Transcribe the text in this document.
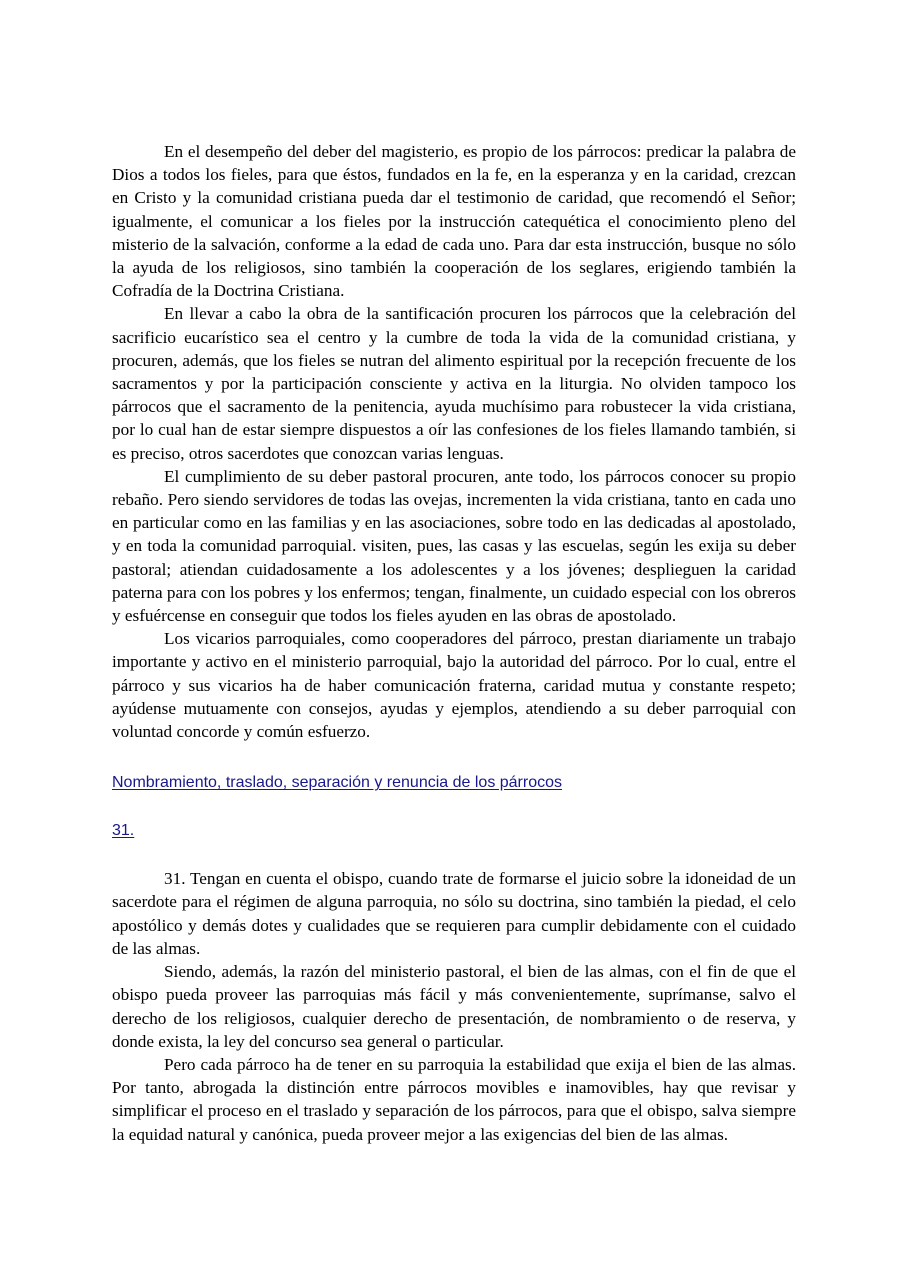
En el desempeño del deber del magisterio, es propio de los párrocos: predicar la palabra de Dios a todos los fieles, para que éstos, fundados en la fe, en la esperanza y en la caridad, crezcan en Cristo y la comunidad cristiana pueda dar el testimonio de caridad, que recomendó el Señor; igualmente, el comunicar a los fieles por la instrucción catequética el conocimiento pleno del misterio de la salvación, conforme a la edad de cada uno. Para dar esta instrucción, busque no sólo la ayuda de los religiosos, sino también la cooperación de los seglares, erigiendo también la Cofradía de la Doctrina Cristiana.

En llevar a cabo la obra de la santificación procuren los párrocos que la celebración del sacrificio eucarístico sea el centro y la cumbre de toda la vida de la comunidad cristiana, y procuren, además, que los fieles se nutran del alimento espiritual por la recepción frecuente de los sacramentos y por la participación consciente y activa en la liturgia. No olviden tampoco los párrocos que el sacramento de la penitencia, ayuda muchísimo para robustecer la vida cristiana, por lo cual han de estar siempre dispuestos a oír las confesiones de los fieles llamando también, si es preciso, otros sacerdotes que conozcan varias lenguas.

El cumplimiento de su deber pastoral procuren, ante todo, los párrocos conocer su propio rebaño. Pero siendo servidores de todas las ovejas, incrementen la vida cristiana, tanto en cada uno en particular como en las familias y en las asociaciones, sobre todo en las dedicadas al apostolado, y en toda la comunidad parroquial. visiten, pues, las casas y las escuelas, según les exija su deber pastoral; atiendan cuidadosamente a los adolescentes y a los jóvenes; desplieguen la caridad paterna para con los pobres y los enfermos; tengan, finalmente, un cuidado especial con los obreros y esfuércense en conseguir que todos los fieles ayuden en las obras de apostolado.

Los vicarios parroquiales, como cooperadores del párroco, prestan diariamente un trabajo importante y activo en el ministerio parroquial, bajo la autoridad del párroco. Por lo cual, entre el párroco y sus vicarios ha de haber comunicación fraterna, caridad mutua y constante respeto; ayúdense mutuamente con consejos, ayudas y ejemplos, atendiendo a su deber parroquial con voluntad concorde y común esfuerzo.

Nombramiento, traslado, separación y renuncia de los párrocos
31.

31. Tengan en cuenta el obispo, cuando trate de formarse el juicio sobre la idoneidad de un sacerdote para el régimen de alguna parroquia, no sólo su doctrina, sino también la piedad, el celo apostólico y demás dotes y cualidades que se requieren para cumplir debidamente con el cuidado de las almas.

Siendo, además, la razón del ministerio pastoral, el bien de las almas, con el fin de que el obispo pueda proveer las parroquias más fácil y más convenientemente, suprímanse, salvo el derecho de los religiosos, cualquier derecho de presentación, de nombramiento o de reserva, y donde exista, la ley del concurso sea general o particular.

Pero cada párroco ha de tener en su parroquia la estabilidad que exija el bien de las almas. Por tanto, abrogada la distinción entre párrocos movibles e inamovibles, hay que revisar y simplificar el proceso en el traslado y separación de los párrocos, para que el obispo, salva siempre la equidad natural y canónica, pueda proveer mejor a las exigencias del bien de las almas.
